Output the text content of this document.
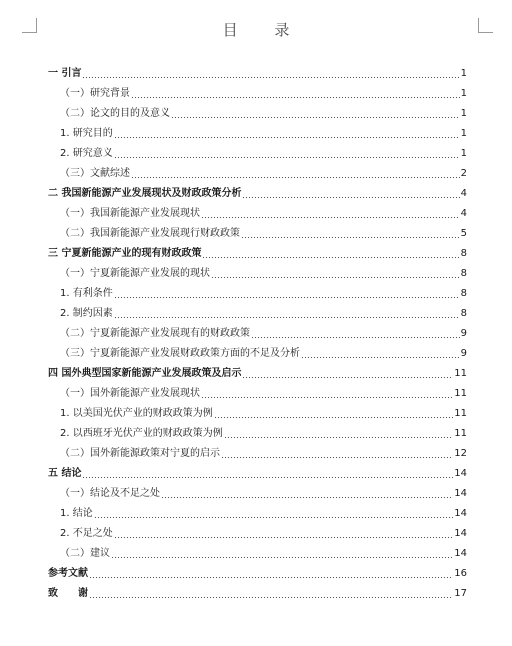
目 录
一 引言	1
（一）研究背景	1
（二）论文的目的及意义	1
1. 研究目的	1
2. 研究意义	1
（三）文献综述	2
二 我国新能源产业发展现状及财政政策分析	4
（一）我国新能源产业发展现状	4
（二）我国新能源产业发展现行财政政策	5
三 宁夏新能源产业的现有财政政策	8
（一）宁夏新能源产业发展的现状	8
1. 有利条件	8
2. 制约因素	8
（二）宁夏新能源产业发展现有的财政政策	9
（三）宁夏新能源产业发展财政政策方面的不足及分析	9
四 国外典型国家新能源产业发展政策及启示	11
（一）国外新能源产业发展现状	11
1. 以美国光伏产业的财政政策为例	11
2. 以西班牙光伏产业的财政政策为例	11
（二）国外新能源政策对宁夏的启示	12
五 结论	14
（一）结论及不足之处	14
1. 结论	14
2. 不足之处	14
（二）建议	14
参考文献	16
致　　谢	17
